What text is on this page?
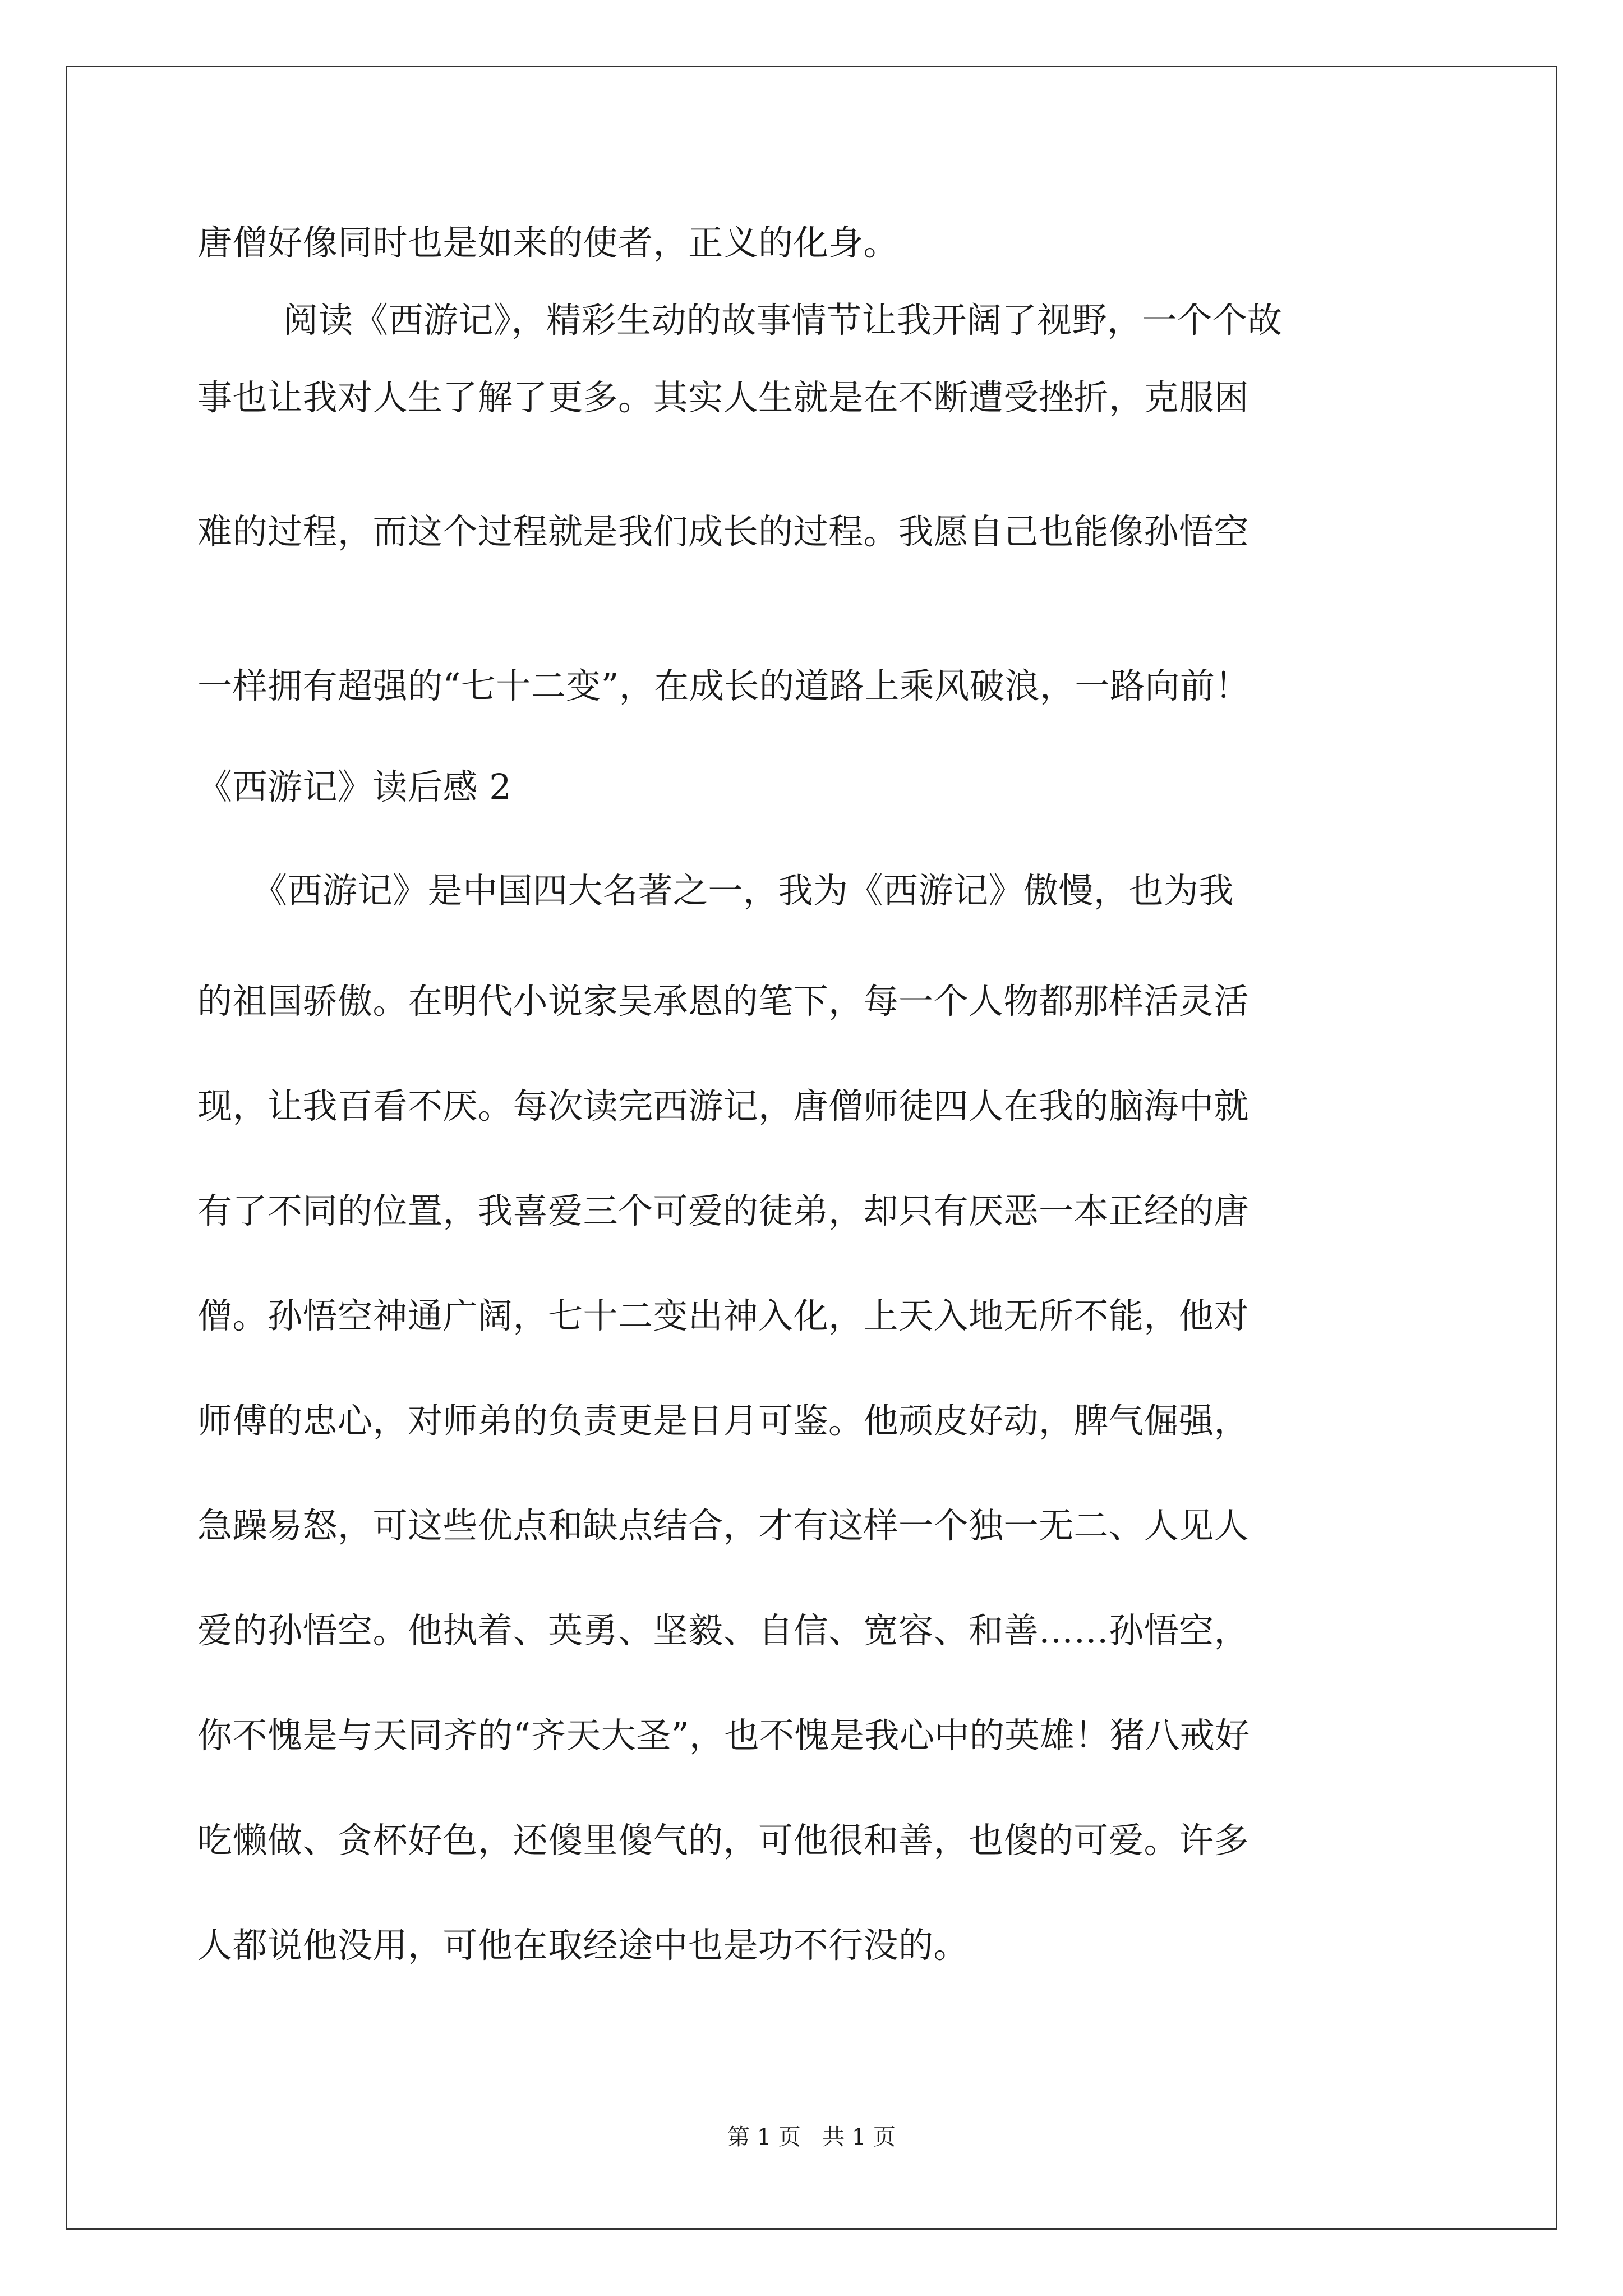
唐僧好像同时也是如来的使者，正义的化身。

阅读《西游记》，精彩生动的故事情节让我开阔了视野，一个个故

事也让我对人生了解了更多。其实人生就是在不断遭受挫折，克服困

难的过程，而这个过程就是我们成长的过程。我愿自己也能像孙悟空

一样拥有超强的“七十二变”，在成长的道路上乘风破浪，一路向前！

《西游记》读后感 2

《西游记》是中国四大名著之一，我为《西游记》傲慢，也为我

的祖国骄傲。在明代小说家吴承恩的笔下，每一个人物都那样活灵活

现，让我百看不厌。每次读完西游记，唐僧师徒四人在我的脑海中就

有了不同的位置，我喜爱三个可爱的徒弟，却只有厌恶一本正经的唐

僧。孙悟空神通广阔，七十二变出神入化，上天入地无所不能，他对

师傅的忠心，对师弟的负责更是日月可鉴。他顽皮好动，脾气倔强，

急躁易怒，可这些优点和缺点结合，才有这样一个独一无二、人见人

爱的孙悟空。他执着、英勇、坚毅、自信、宽容、和善……孙悟空，

你不愧是与天同齐的“齐天大圣”，也不愧是我心中的英雄！猪八戒好

吃懒做、贪杯好色，还傻里傻气的，可他很和善，也傻的可爱。许多

人都说他没用，可他在取经途中也是功不行没的。

第 1 页   共 1 页
